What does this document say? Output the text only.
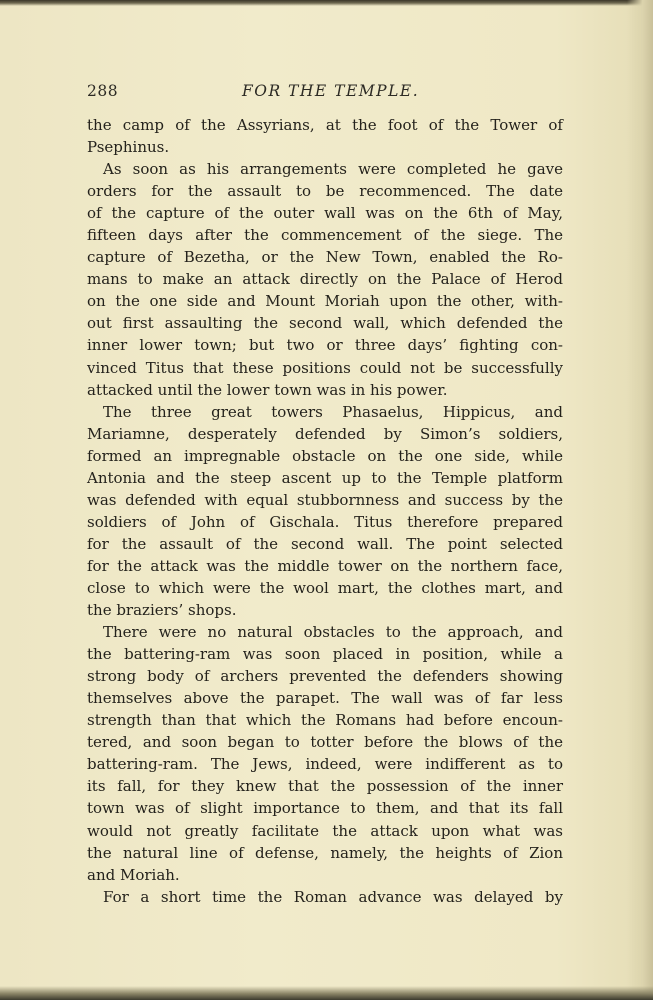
288	FOR THE TEMPLE.
the camp of the Assyrians, at the foot of the Tower of
Psephinus.
As soon as his arrangements were completed he gave
orders for the assault to be recommenced. The date
of the capture of the outer wall was on the 6th of May,
fifteen days after the commencement of the siege. The
capture of Bezetha, or the New Town, enabled the Ro-
mans to make an attack directly on the Palace of Herod
on the one side and Mount Moriah upon the other, with-
out first assaulting the second wall, which defended the
inner lower town; but two or three days’ fighting con-
vinced Titus that these positions could not be successfully
attacked until the lower town was in his power.
The three great towers Phasaelus, Hippicus, and
Mariamne, desperately defended by Simon’s soldiers,
formed an impregnable obstacle on the one side, while
Antonia and the steep ascent up to the Temple platform
was defended with equal stubbornness and success by the
soldiers of John of Gischala. Titus therefore prepared
for the assault of the second wall. The point selected
for the attack was the middle tower on the northern face,
close to which were the wool mart, the clothes mart, and
the braziers’ shops.
There were no natural obstacles to the approach, and
the battering-ram was soon placed in position, while a
strong body of archers prevented the defenders showing
themselves above the parapet. The wall was of far less
strength than that which the Romans had before encoun-
tered, and soon began to totter before the blows of the
battering-ram. The Jews, indeed, were indifferent as to
its fall, for they knew that the possession of the inner
town was of slight importance to them, and that its fall
would not greatly facilitate the attack upon what was
the natural line of defense, namely, the heights of Zion
and Moriah.
For a short time the Roman advance was delayed by
